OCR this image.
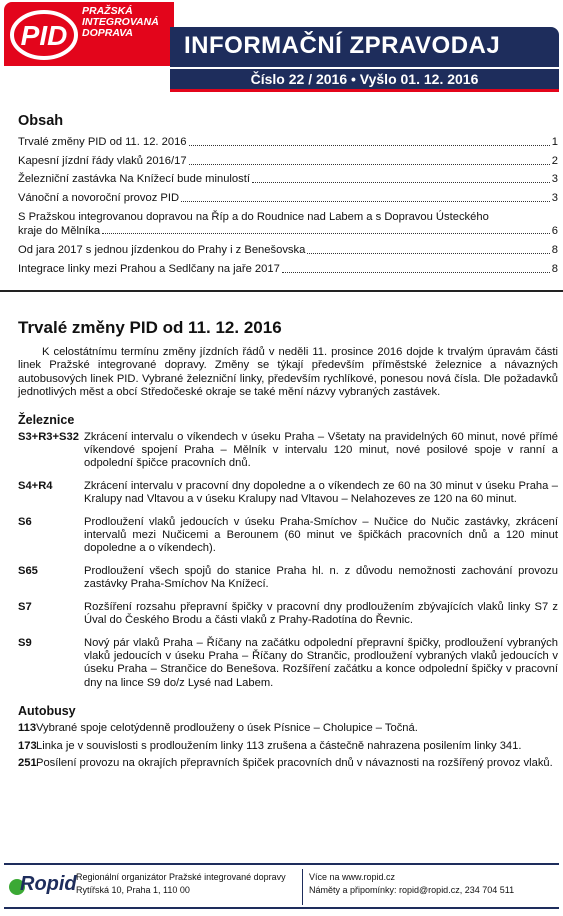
PID
PRAŽSKÁ
INTEGROVANÁ
DOPRAVA	INFORMAČNÍ ZPRAVODAJ
Číslo 22 / 2016 • Vyšlo 01. 12. 2016
Obsah
Trvalé změny PID od 11. 12. 2016	1
Kapesní jízdní řády vlaků 2016/17	2
Železniční zastávka Na Knížecí bude minulostí	3
Vánoční a novoroční provoz PID	3
S Pražskou integrovanou dopravou na Říp a do Roudnice nad Labem a s Dopravou Ústeckého
kraje do Mělníka	6
Od jara 2017 s jednou jízdenkou do Prahy i z Benešovska	8
Integrace linky mezi Prahou a Sedlčany na jaře 2017	8
Trvalé změny PID od 11. 12. 2016

K celostátnímu termínu změny jízdních řádů v neděli 11. prosince 2016 dojde k trvalým úpravám části linek Pražské integrované dopravy. Změny se týkají především příměstské železnice a návazných autobusových linek PID. Vybrané železniční linky, především rychlíkové, ponesou nová čísla. Dle požadavků jednotlivých měst a obcí Středočeské okraje se také mění názvy vybraných zastávek.

Železnice
S3+R3+S32 Zkrácení intervalu o víkendech v úseku Praha – Všetaty na pravidelných 60 minut, nové přímé víkendové spojení Praha – Mělník v intervalu 120 minut, nové posilové spoje v ranní a odpolední špičce pracovních dnů.
S4+R4	Zkrácení intervalu v pracovní dny dopoledne a o víkendech ze 60 na 30 minut v úseku Praha – Kralupy nad Vltavou a v úseku Kralupy nad Vltavou – Nelahozeves ze 120 na 60 minut.
S6	Prodloužení vlaků jedoucích v úseku Praha-Smíchov – Nučice do Nučic zastávky, zkrácení intervalů mezi Nučicemi a Berounem (60 minut ve špičkách pracovních dnů a 120 minut dopoledne a o víkendech).
S65	Prodloužení všech spojů do stanice Praha hl. n. z důvodu nemožnosti zachování provozu zastávky Praha-Smíchov Na Knížecí.
S7	Rozšíření rozsahu přepravní špičky v pracovní dny prodloužením zbývajících vlaků linky S7 z Úval do Českého Brodu a části vlaků z Prahy-Radotína do Řevnic.
S9	Nový pár vlaků Praha – Říčany na začátku odpolední přepravní špičky, prodloužení vybraných vlaků jedoucích v úseku Praha – Říčany do Strančic, prodloužení vybraných vlaků jedoucích v úseku Praha – Strančice do Benešova. Rozšíření začátku a konce odpolední špičky v pracovní dny na lince S9 do/z Lysé nad Labem.
Autobusy
113 Vybrané spoje celotýdenně prodlouženy o úsek Písnice – Cholupice – Točná.
173 Linka je v souvislosti s prodloužením linky 113 zrušena a částečně nahrazena posilením linky 341.
251 Posílení provozu na okrajích přepravních špiček pracovních dnů v návaznosti na rozšířený provoz vlaků.
Ropid Regionální organizátor Pražské integrované dopravy
Rytířská 10, Praha 1, 110 00
Více na www.ropid.cz
Náměty a připomínky: ropid@ropid.cz, 234 704 511
